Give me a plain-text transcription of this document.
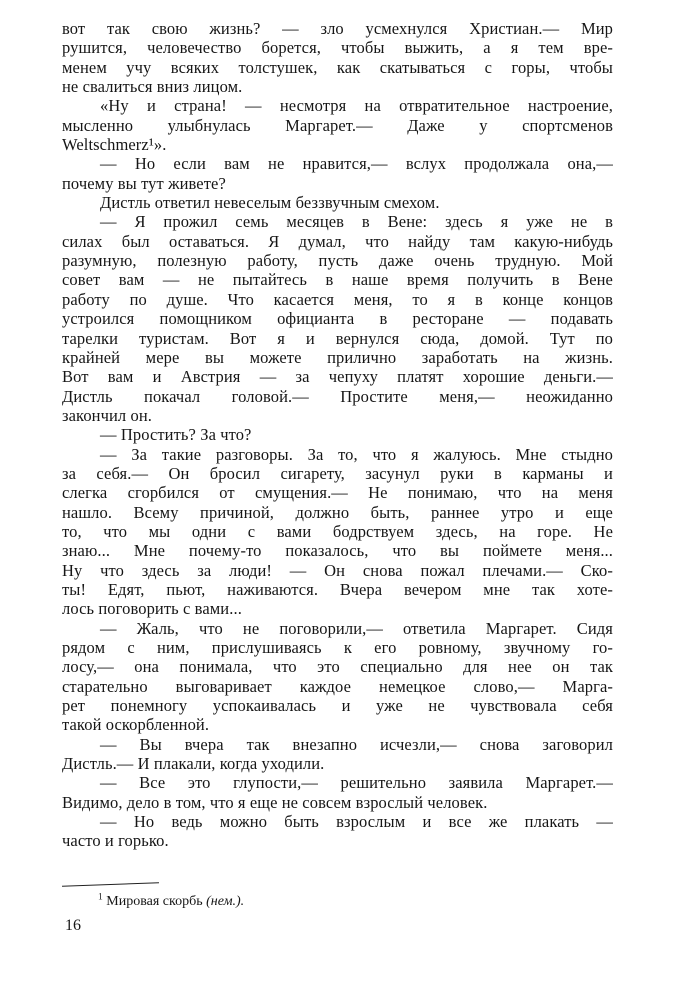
вот так свою жизнь? — зло усмехнулся Христиан.— Мир
рушится, человечество борется, чтобы выжить, а я тем вре-
менем учу всяких толстушек, как скатываться с горы, чтобы
не свалиться вниз лицом.

«Ну и страна! — несмотря на отвратительное настроение,
мысленно улыбнулась Маргарет.— Даже у спортсменов
Weltschmerz¹».

— Но если вам не нравится,— вслух продолжала она,—
почему вы тут живете?

Дистль ответил невеселым беззвучным смехом.

— Я прожил семь месяцев в Вене: здесь я уже не в
силах был оставаться. Я думал, что найду там какую-нибудь
разумную, полезную работу, пусть даже очень трудную. Мой
совет вам — не пытайтесь в наше время получить в Вене
работу по душе. Что касается меня, то я в конце концов
устроился помощником официанта в ресторане — подавать
тарелки туристам. Вот я и вернулся сюда, домой. Тут по
крайней мере вы можете прилично заработать на жизнь.
Вот вам и Австрия — за чепуху платят хорошие деньги.—
Дистль покачал головой.— Простите меня,— неожиданно
закончил он.

— Простить? За что?

— За такие разговоры. За то, что я жалуюсь. Мне стыдно
за себя.— Он бросил сигарету, засунул руки в карманы и
слегка сгорбился от смущения.— Не понимаю, что на меня
нашло. Всему причиной, должно быть, раннее утро и еще
то, что мы одни с вами бодрствуем здесь, на горе. Не
знаю... Мне почему-то показалось, что вы поймете меня...
Ну что здесь за люди! — Он снова пожал плечами.— Ско-
ты! Едят, пьют, наживаются. Вчера вечером мне так хоте-
лось поговорить с вами...

— Жаль, что не поговорили,— ответила Маргарет. Сидя
рядом с ним, прислушиваясь к его ровному, звучному го-
лосу,— она понимала, что это специально для нее он так
старательно выговаривает каждое немецкое слово,— Марга-
рет понемногу успокаивалась и уже не чувствовала себя
такой оскорбленной.

— Вы вчера так внезапно исчезли,— снова заговорил
Дистль.— И плакали, когда уходили.

— Все это глупости,— решительно заявила Маргарет.—
Видимо, дело в том, что я еще не совсем взрослый человек.

— Но ведь можно быть взрослым и все же плакать —
часто и горько.

$^1$ Мировая скорбь (нем.).
16
